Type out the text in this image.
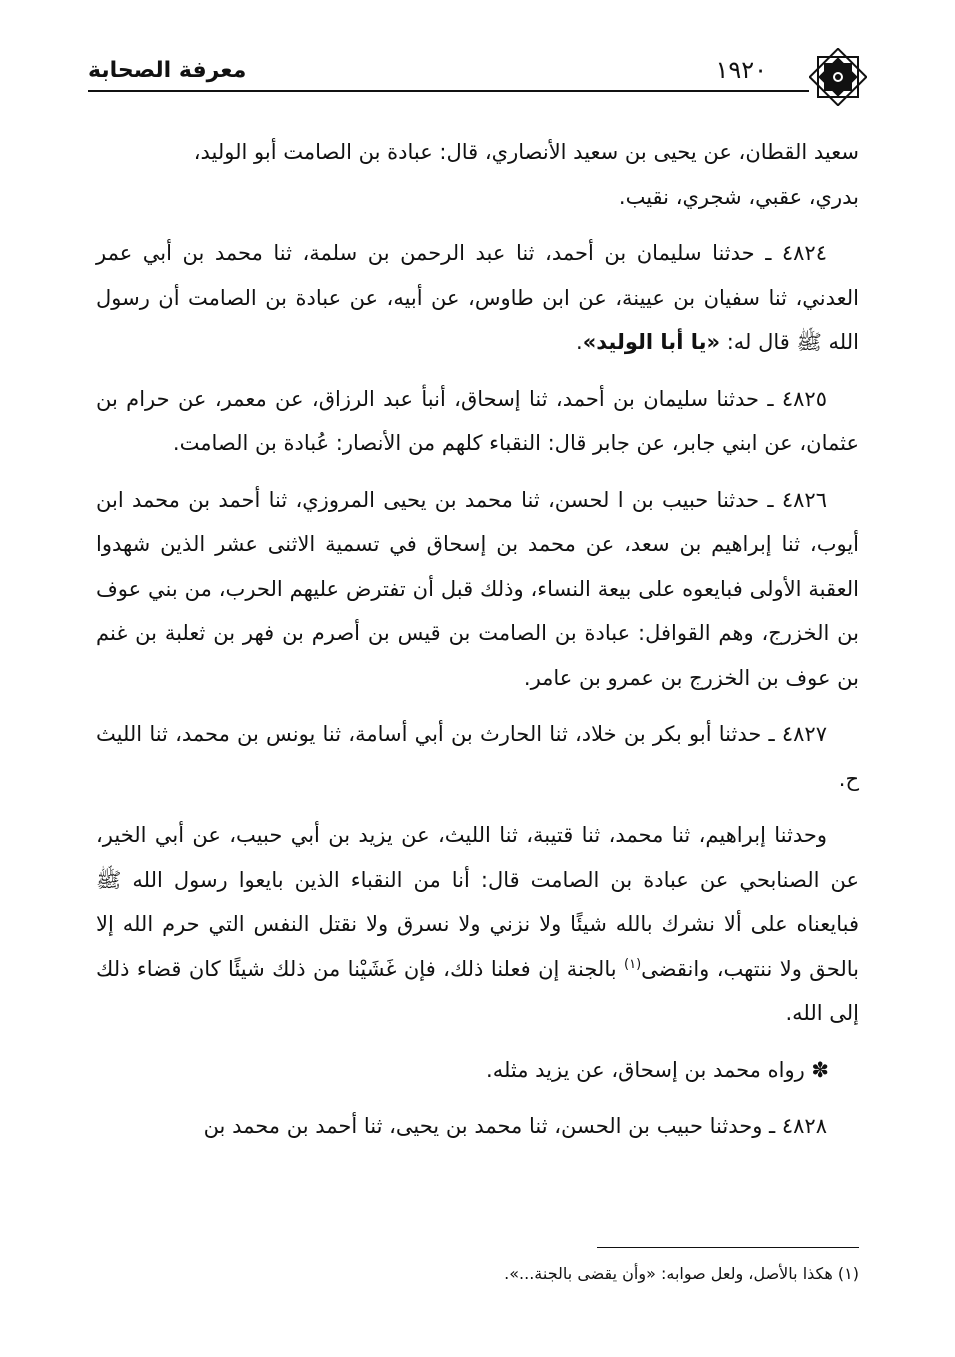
معرفة الصحابة	١٩٢٠

سعيد القطان، عن يحيى بن سعيد الأنصاري، قال: عبادة بن الصامت أبو الوليد،
بدري، عقبي، شجري، نقيب.

٤٨٢٤ ـ حدثنا سليمان بن أحمد، ثنا عبد الرحمن بن سلمة، ثنا محمد بن أبي عمر العدني، ثنا سفيان بن عيينة، عن ابن طاوس، عن أبيه، عن عبادة بن الصامت أن رسول الله ﷺ قال له: «يا أبا الوليد».

٤٨٢٥ ـ حدثنا سليمان بن أحمد، ثنا إسحاق، أنبأ عبد الرزاق، عن معمر، عن حرام بن عثمان، عن ابني جابر، عن جابر قال: النقباء كلهم من الأنصار: عُبادة بن الصامت.

٤٨٢٦ ـ حدثنا حبيب بن ا لحسن، ثنا محمد بن يحيى المروزي، ثنا أحمد بن محمد ابن أيوب، ثنا إبراهيم بن سعد، عن محمد بن إسحاق في تسمية الاثنى عشر الذين شهدوا العقبة الأولى فبايعوه على بيعة النساء، وذلك قبل أن تفترض عليهم الحرب، من بني عوف بن الخزرج، وهم القوافل: عبادة بن الصامت بن قيس بن أصرم بن فهر بن ثعلبة بن غنم بن عوف بن الخزرج بن عمرو بن عامر.

٤٨٢٧ ـ حدثنا أبو بكر بن خلاد، ثنا الحارث بن أبي أسامة، ثنا يونس بن محمد، ثنا الليث ح.

وحدثنا إبراهيم، ثنا محمد، ثنا قتيبة، ثنا الليث، عن يزيد بن أبي حبيب، عن أبي الخير، عن الصنابحي عن عبادة بن الصامت قال: أنا من النقباء الذين بايعوا رسول الله ﷺ فبايعناه على ألا نشرك بالله شيئًا ولا نزني ولا نسرق ولا نقتل النفس التي حرم الله إلا بالحق ولا ننتهب، وانقضى$^{(١)}$ بالجنة إن فعلنا ذلك، فإن غَشَيْنا من ذلك شيئًا كان قضاء ذلك إلى الله.

✽ رواه محمد بن إسحاق، عن يزيد مثله.

٤٨٢٨ ـ وحدثنا حبيب بن الحسن، ثنا محمد بن يحيى، ثنا أحمد بن محمد بن

(١) هكذا بالأصل، ولعل صوابه: «وأن يقضى بالجنة...».
